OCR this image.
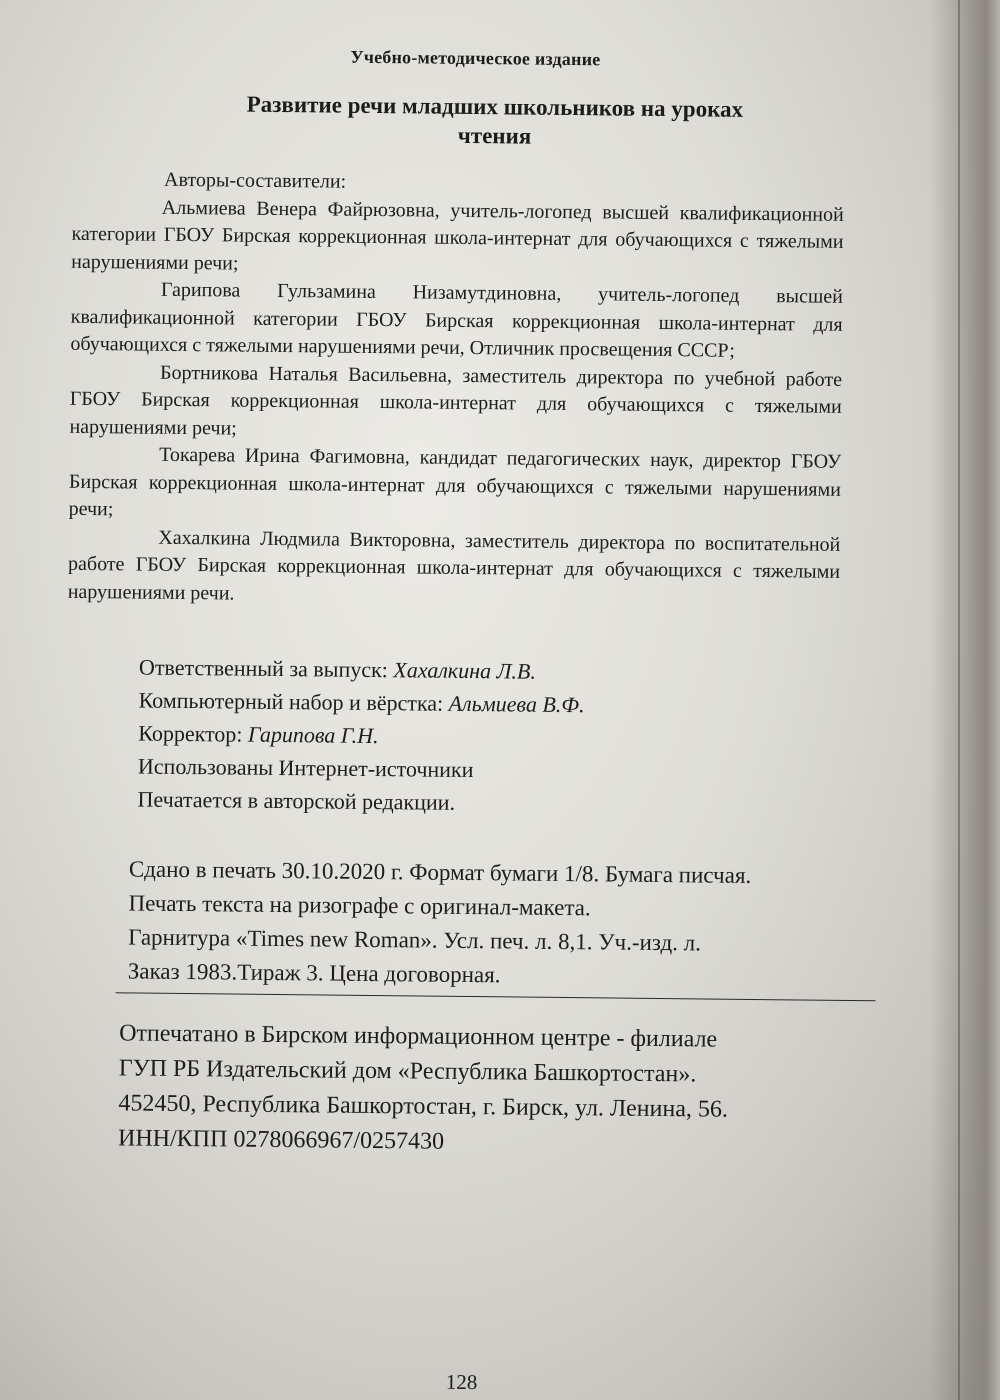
Учебно-методическое издание
Развитие речи младших школьников на уроках
чтения

Авторы-составители:

Альмиева Венера Файрюзовна, учитель-логопед высшей квалификационной категории ГБОУ Бирская коррекционная школа-интернат для обучающихся с тяжелыми нарушениями речи;

Гарипова Гульзамина Низамутдиновна, учитель-логопед высшей квалификационной категории ГБОУ Бирская коррекционная школа-интернат для обучающихся с тяжелыми нарушениями речи, Отличник просвещения СССР;

Бортникова Наталья Васильевна, заместитель директора по учебной работе ГБОУ Бирская коррекционная школа-интернат для обучающихся с тяжелыми нарушениями речи;

Токарева Ирина Фагимовна, кандидат педагогических наук, директор ГБОУ Бирская коррекционная школа-интернат для обучающихся с тяжелыми нарушениями речи;

Хахалкина Людмила Викторовна, заместитель директора по воспитательной работе ГБОУ Бирская коррекционная школа-интернат для обучающихся с тяжелыми нарушениями речи.

Ответственный за выпуск: Хахалкина Л.В.
Компьютерный набор и вёрстка: Альмиева В.Ф.
Корректор: Гарипова Г.Н.
Использованы Интернет-источники
Печатается в авторской редакции.
Сдано в печать 30.10.2020 г. Формат бумаги 1/8. Бумага писчая.
Печать текста на ризографе с оригинал-макета.
Гарнитура «Times new Roman». Усл. печ. л. 8,1. Уч.-изд. л.
Заказ 1983.Тираж 3. Цена договорная.
Отпечатано в Бирском информационном центре - филиале
ГУП РБ Издательский дом «Республика Башкортостан».
452450, Республика Башкортостан, г. Бирск, ул. Ленина, 56.
ИНН/КПП 0278066967/0257430
128
